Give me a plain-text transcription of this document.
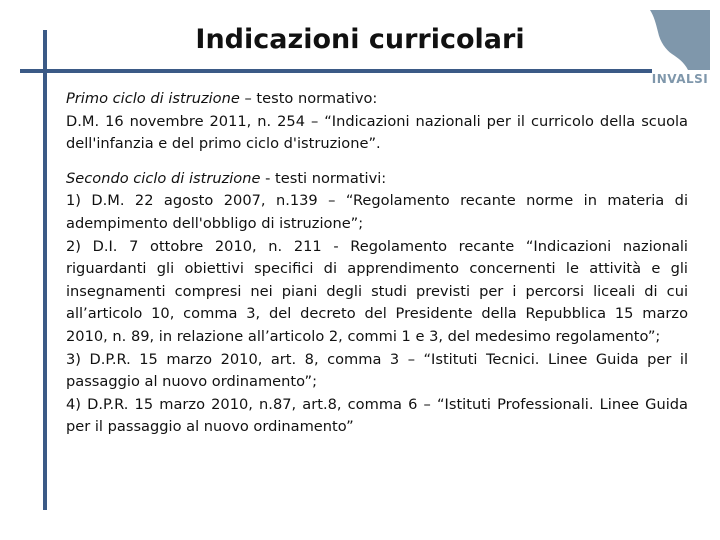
Indicazioni curricolari
INVALSI

Primo ciclo di istruzione – testo normativo:

D.M. 16 novembre 2011, n. 254 – “Indicazioni nazionali per il curricolo della scuola dell'infanzia e del primo ciclo d'istruzione”.

Secondo ciclo di istruzione - testi normativi:

1) D.M. 22 agosto 2007, n.139 – “Regolamento recante norme in materia di adempimento dell'obbligo di istruzione”;

2) D.I. 7 ottobre 2010, n. 211 - Regolamento recante “Indicazioni nazionali riguardanti gli obiettivi specifici di apprendimento concernenti le attività e gli insegnamenti compresi nei piani degli studi previsti per i percorsi liceali di cui all’articolo 10, comma 3, del decreto del Presidente della Repubblica 15 marzo 2010, n. 89, in relazione all’articolo 2, commi 1 e 3, del medesimo regolamento”;

3) D.P.R. 15 marzo 2010, art. 8, comma 3 – “Istituti Tecnici. Linee Guida per il passaggio al nuovo ordinamento”;

4) D.P.R. 15 marzo 2010, n.87, art.8, comma 6 – “Istituti Professionali. Linee Guida per il passaggio al nuovo ordinamento”
